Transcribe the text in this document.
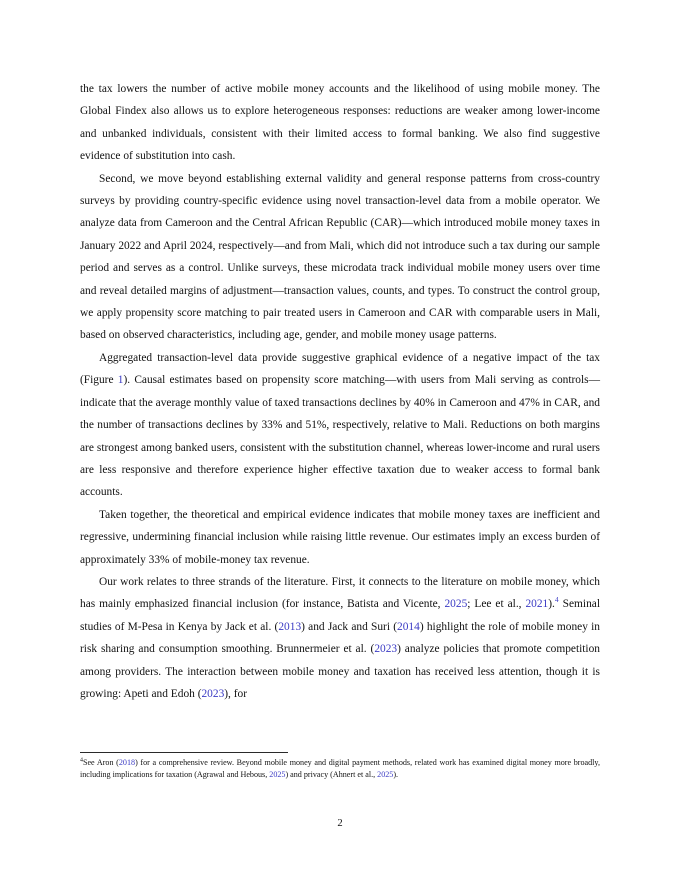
the tax lowers the number of active mobile money accounts and the likelihood of using mobile money. The Global Findex also allows us to explore heterogeneous responses: reductions are weaker among lower-income and unbanked individuals, consistent with their limited access to formal banking. We also find suggestive evidence of substitution into cash.

Second, we move beyond establishing external validity and general response patterns from cross-country surveys by providing country-specific evidence using novel transaction-level data from a mobile operator. We analyze data from Cameroon and the Central African Republic (CAR)—which introduced mobile money taxes in January 2022 and April 2024, respectively—and from Mali, which did not introduce such a tax during our sample period and serves as a control. Unlike surveys, these microdata track individual mobile money users over time and reveal detailed margins of adjustment—transaction values, counts, and types. To construct the control group, we apply propensity score matching to pair treated users in Cameroon and CAR with comparable users in Mali, based on observed characteristics, including age, gender, and mobile money usage patterns.

Aggregated transaction-level data provide suggestive graphical evidence of a negative impact of the tax (Figure 1). Causal estimates based on propensity score matching—with users from Mali serving as controls—indicate that the average monthly value of taxed transactions declines by 40% in Cameroon and 47% in CAR, and the number of transactions declines by 33% and 51%, respectively, relative to Mali. Reductions on both margins are strongest among banked users, consistent with the substitution channel, whereas lower-income and rural users are less responsive and therefore experience higher effective taxation due to weaker access to formal bank accounts.

Taken together, the theoretical and empirical evidence indicates that mobile money taxes are inefficient and regressive, undermining financial inclusion while raising little revenue. Our estimates imply an excess burden of approximately 33% of mobile-money tax revenue.

Our work relates to three strands of the literature. First, it connects to the literature on mobile money, which has mainly emphasized financial inclusion (for instance, Batista and Vicente, 2025; Lee et al., 2021).$^4$ Seminal studies of M-Pesa in Kenya by Jack et al. (2013) and Jack and Suri (2014) highlight the role of mobile money in risk sharing and consumption smoothing. Brunnermeier et al. (2023) analyze policies that promote competition among providers. The interaction between mobile money and taxation has received less attention, though it is growing: Apeti and Edoh (2023), for

$^4$See Aron (2018) for a comprehensive review. Beyond mobile money and digital payment methods, related work has examined digital money more broadly, including implications for taxation (Agrawal and Hebous, 2025) and privacy (Ahnert et al., 2025).

2
